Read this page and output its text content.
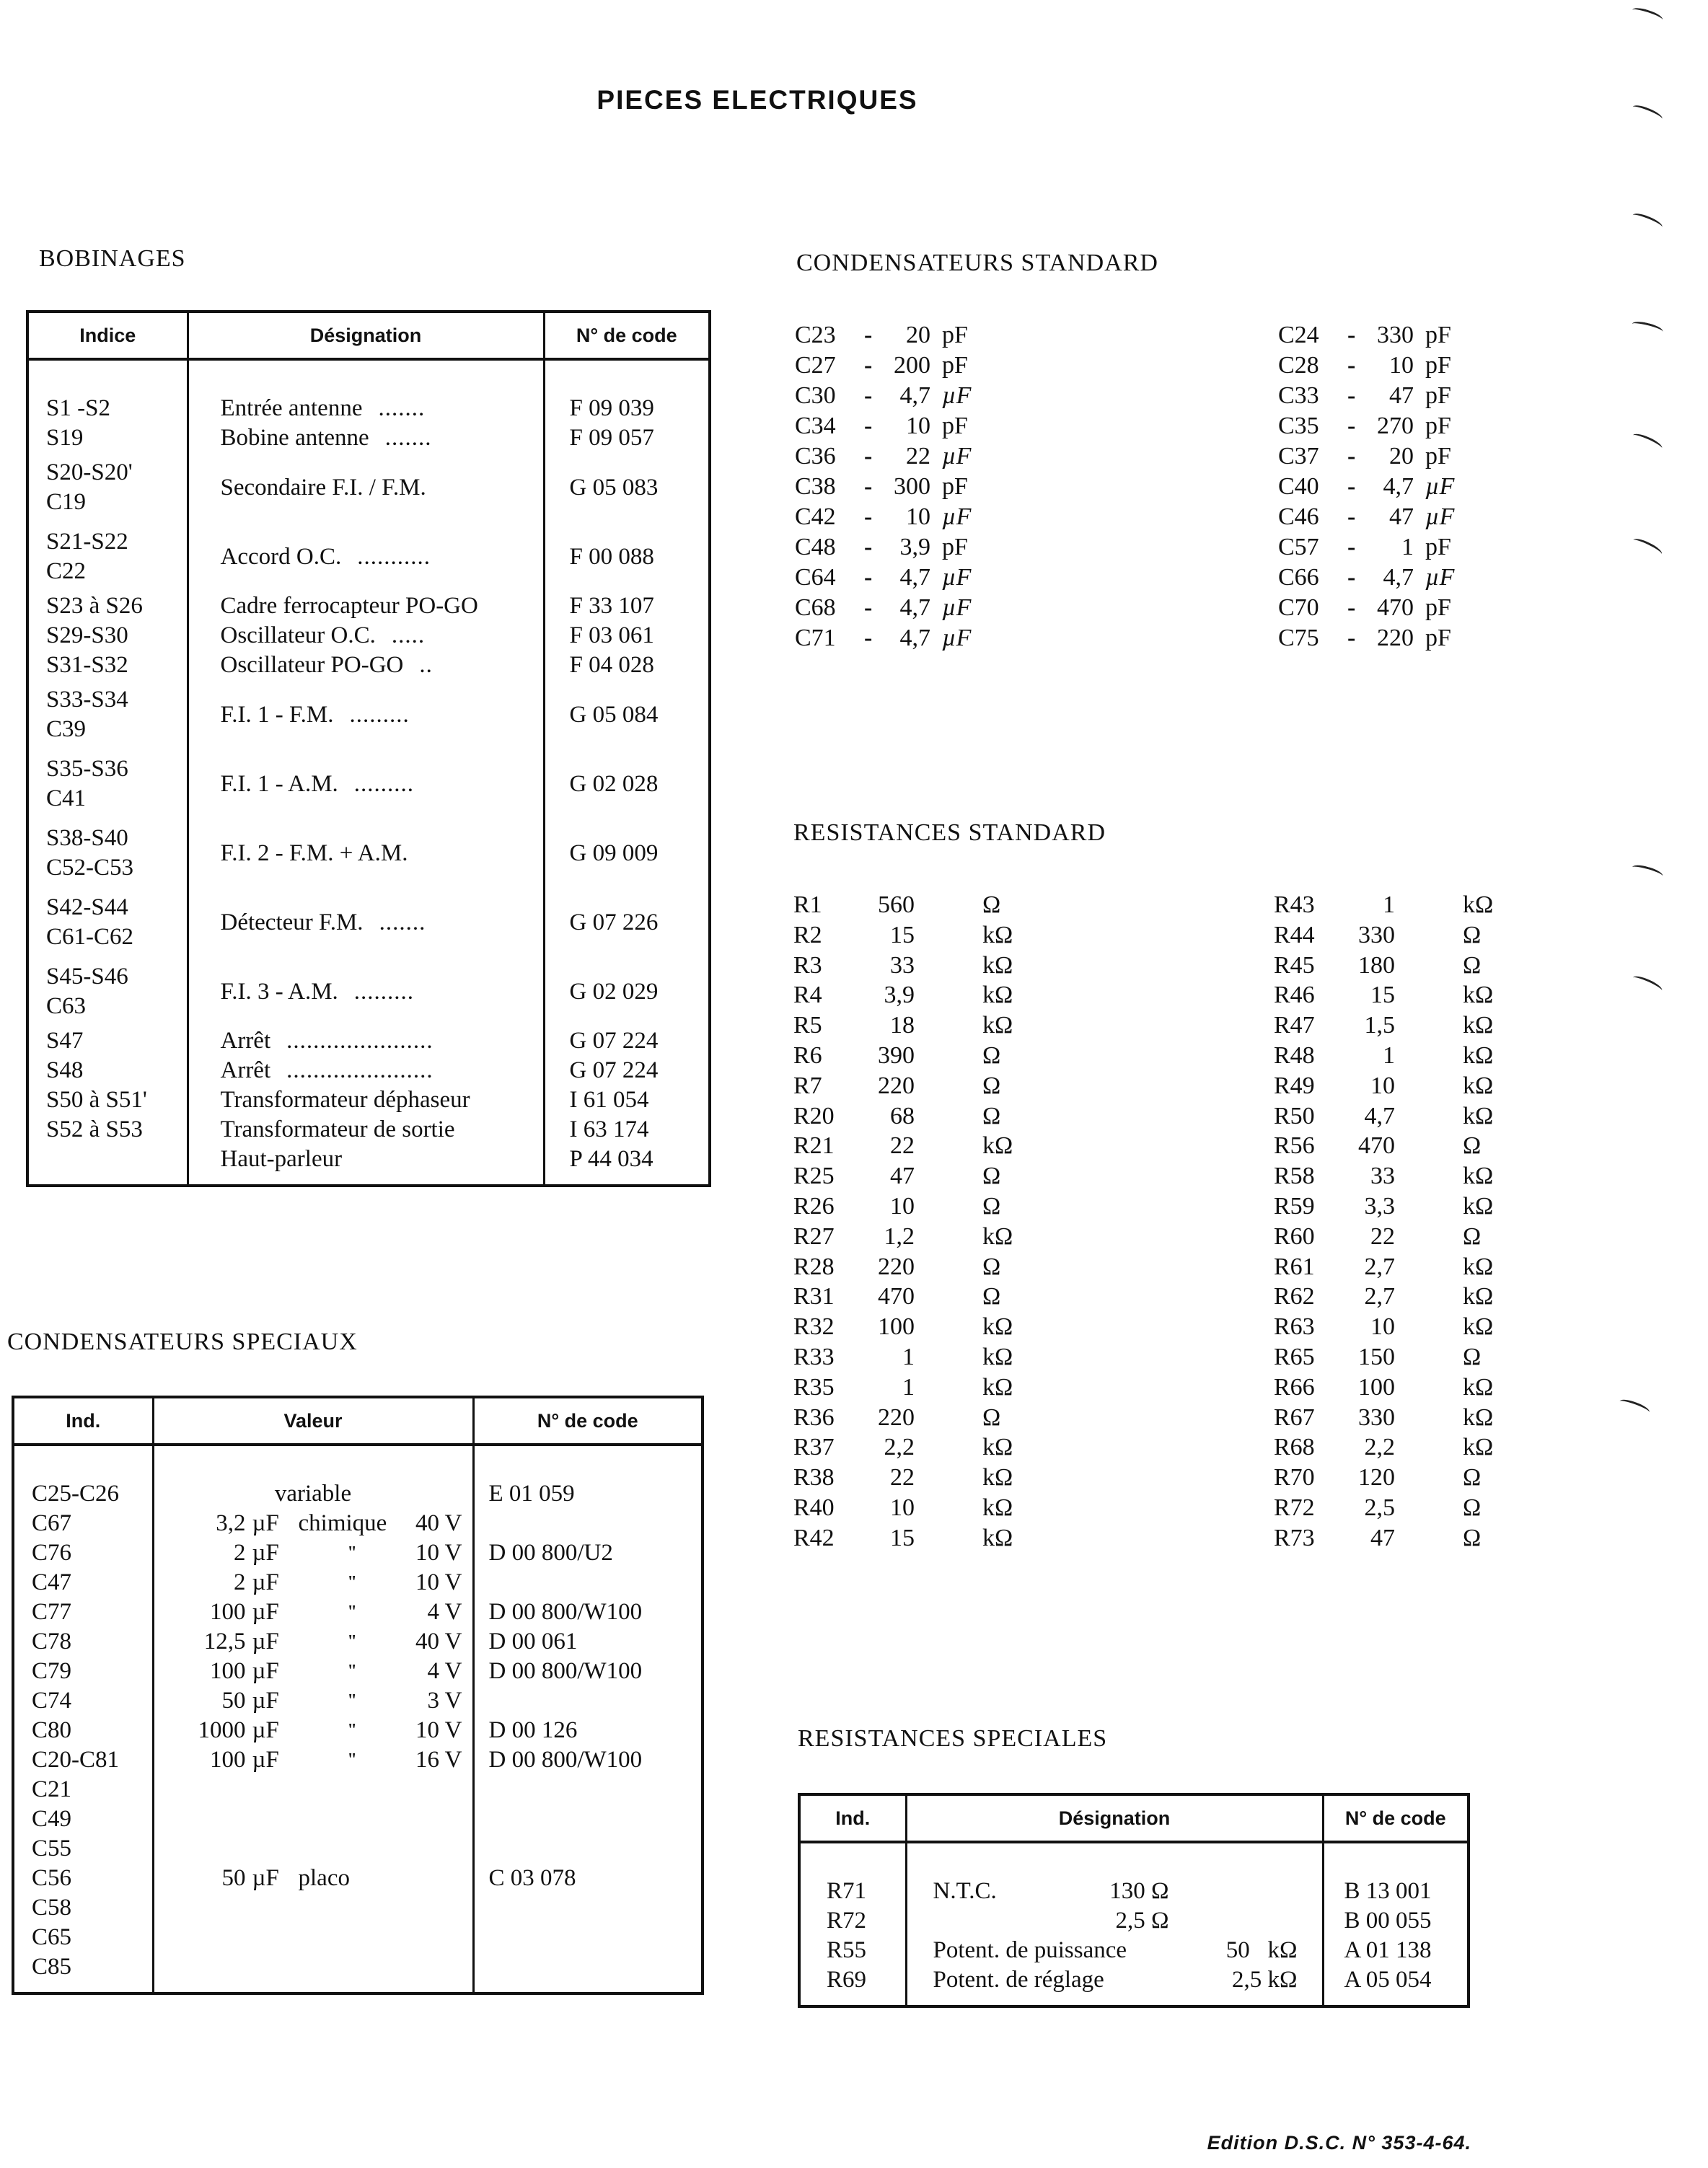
PIECES ELECTRIQUES
BOBINAGES
Indice	Désignation	N° de code

S1 -S2	Entrée antenne .......	F 09 039

S19	Bobine antenne .......	F 09 057

S20-S20'
C19	Secondaire F.I. / F.M.	G 05 083

S21-S22
C22	Accord O.C. ...........	F 00 088

S23 à S26	Cadre ferrocapteur PO-GO	F 33 107

S29-S30	Oscillateur O.C. .....	F 03 061

S31-S32	Oscillateur PO-GO ..	F 04 028

S33-S34
C39	F.I. 1 - F.M. .........	G 05 084

S35-S36
C41	F.I. 1 - A.M. .........	G 02 028

S38-S40
C52-C53	F.I. 2 - F.M. + A.M.	G 09 009

S42-S44
C61-C62	Détecteur F.M. .......	G 07 226

S45-S46
C63	F.I. 3 - A.M. .........	G 02 029

S47	Arrêt ......................	G 07 224

S48	Arrêt ......................	G 07 224

S50 à S51'	Transformateur déphaseur	I 61 054

S52 à S53	Transformateur de sortie	I 63 174

	Haut-parleur	P 44 034

CONDENSATEURS SPECIAUX
Ind.	Valeur	N° de code

C25-C26	variable	E 01 059
C67	3,2 µF chimique 40 V	

C76	2 µF " 10 V	D 00 800/U2
C47	2 µF " 10 V	

C77	100 µF " 4 V	D 00 800/W100
C78	12,5 µF " 40 V	D 00 061
C79	100 µF " 4 V	D 00 800/W100
C74	50 µF " 3 V	

C80	1000 µF " 10 V	D 00 126
C20-C81	100 µF " 16 V	D 00 800/W100
C21	

C49	

C55	

C56	50 µF placo	C 03 078
C58	

C65	

C85	

CONDENSATEURS STANDARD
C23 - 20 pF
C27 - 200 pF
C30 - 4,7 µF
C34 - 10 pF
C36 - 22 µF
C38 - 300 pF
C42 - 10 µF
C48 - 3,9 pF
C64 - 4,7 µF
C68 - 4,7 µF
C71 - 4,7 µF
C24 - 330 pF
C28 - 10 pF
C33 - 47 pF
C35 - 270 pF
C37 - 20 pF
C40 - 4,7 µF
C46 - 47 µF
C57 - 1 pF
C66 - 4,7 µF
C70 - 470 pF
C75 - 220 pF
RESISTANCES STANDARD
R1 560	Ω
R2	15	kΩ
R3	33	kΩ
R4	3,9	kΩ
R5	18	kΩ
R6 390	Ω
R7 220	Ω
R20 68	Ω
R21 22	kΩ
R25 47	Ω
R26 10	Ω
R27 1,2	kΩ
R28 220	Ω
R31 470	Ω
R32 100	kΩ
R33	1	kΩ
R35	1	kΩ
R36 220	Ω
R37 2,2	kΩ
R38 22	kΩ
R40 10	kΩ
R42 15	kΩ
R43	1	kΩ
R44 330	Ω
R45 180	Ω
R46 15	kΩ
R47 1,5	kΩ
R48	1	kΩ
R49 10	kΩ
R50 4,7	kΩ
R56 470	Ω
R58 33	kΩ
R59 3,3	kΩ
R60 22	Ω
R61 2,7	kΩ
R62 2,7	kΩ
R63 10	kΩ
R65 150	Ω
R66 100	kΩ
R67 330	kΩ
R68 2,2	kΩ
R70 120	Ω
R72 2,5	Ω
R73 47	Ω
RESISTANCES SPECIALES
Ind.	Désignation	N° de code

R71	N.T.C. 130 Ω	B 13 001
R72	2,5 Ω	B 00 055
R55	Potent. de puissance 50   kΩ	A 01 138
R69	Potent. de réglage 2,5 kΩ	A 05 054

Edition D.S.C. N° 353-4-64.
